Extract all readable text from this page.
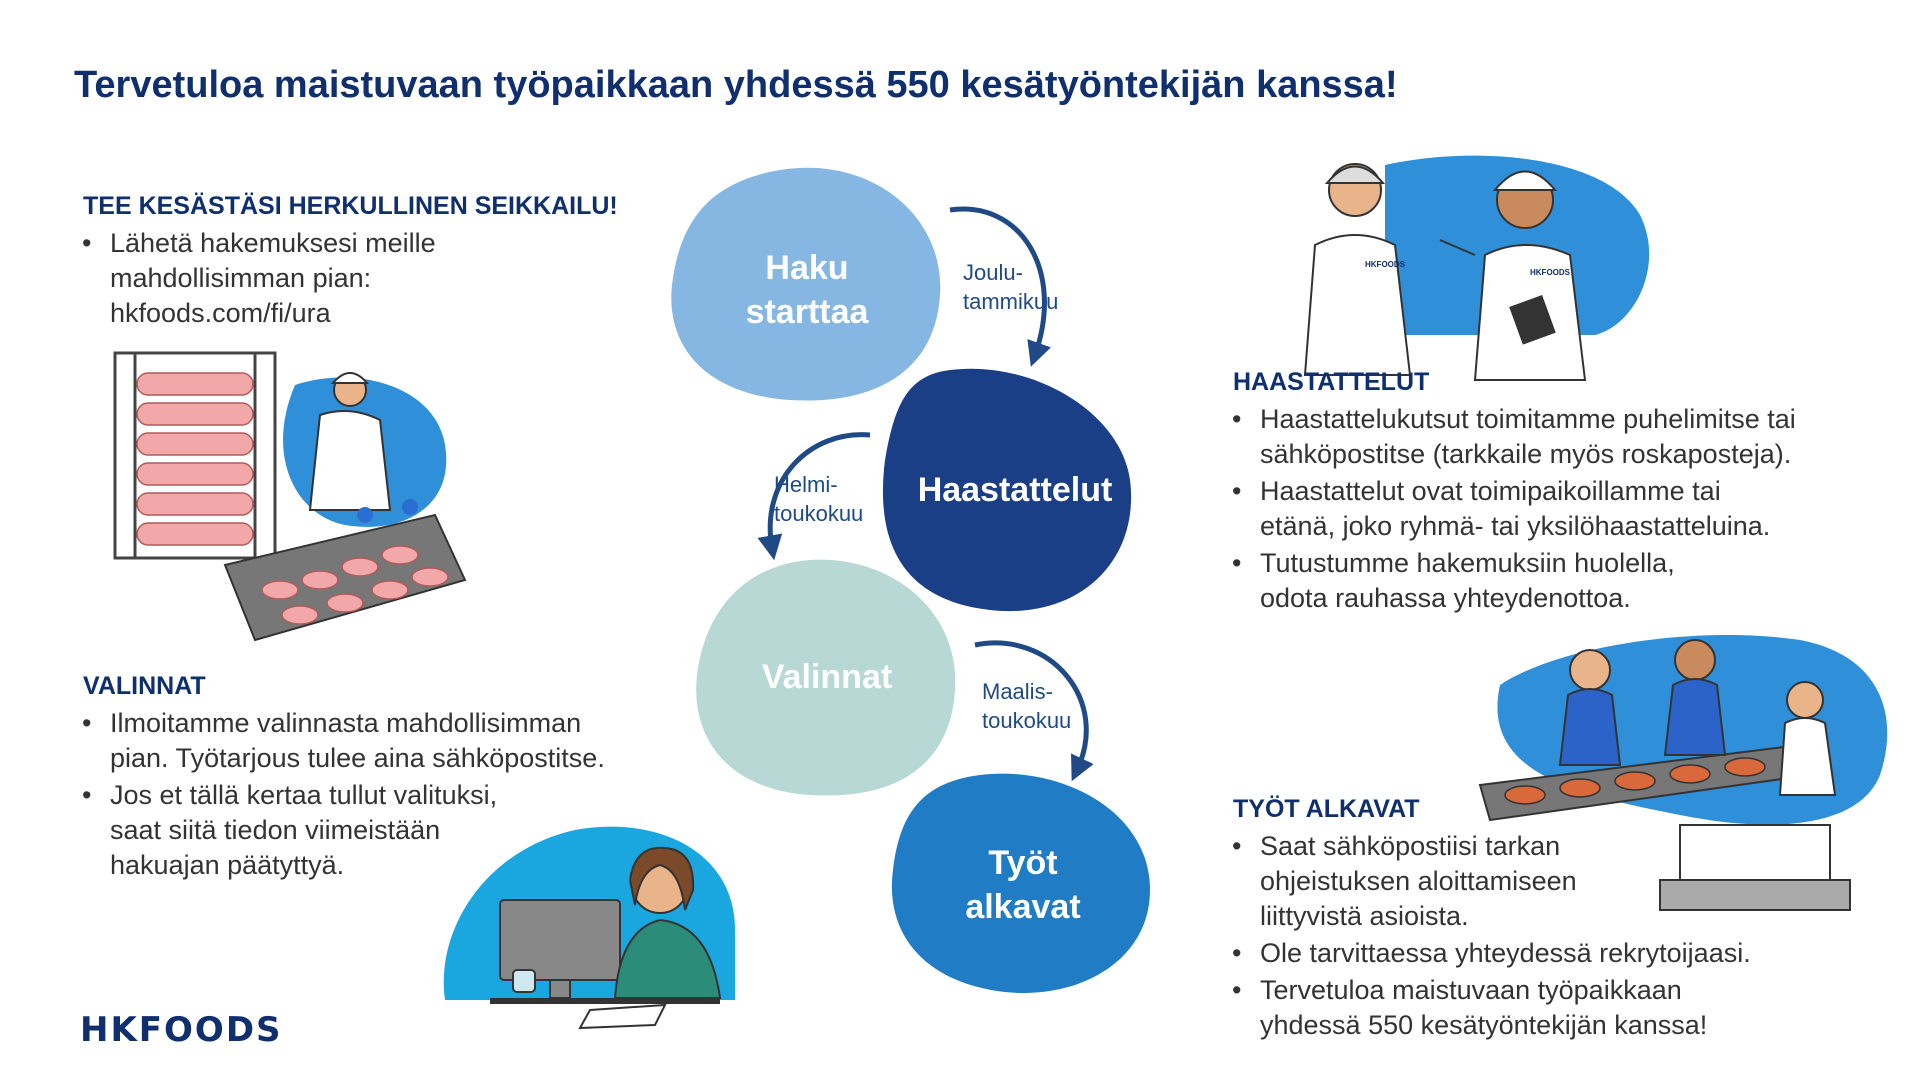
Tervetuloa maistuvaan työpaikkaan yhdessä 550 kesätyöntekijän kanssa!
TEE KESÄSTÄSI HERKULLINEN SEIKKAILU!
• Lähetä hakemuksesi meille
mahdollisimman pian:
hkfoods.com/fi/ura
VALINNAT
• Ilmoitamme valinnasta mahdollisimman
pian. Työtarjous tulee aina sähköpostitse.
• Jos et tällä kertaa tullut valituksi,
saat siitä tiedon viimeistään
hakuajan päätyttyä.
HKFOODS
Haku
starttaa
Haastattelut
Valinnat
Työt
alkavat
Joulu-
tammikuu
Helmi-
toukokuu
Maalis-
toukokuu
HKFOODS
HKFOODS
HAASTATTELUT
• Haastattelukutsut toimitamme puhelimitse tai
sähköpostitse (tarkkaile myös roskaposteja).
• Haastattelut ovat toimipaikoillamme tai
etänä, joko ryhmä- tai yksilöhaastatteluina.
• Tutustumme hakemuksiin huolella,
odota rauhassa yhteydenottoa.
TYÖT ALKAVAT
• Saat sähköpostiisi tarkan
ohjeistuksen aloittamiseen
liittyvistä asioista.
• Ole tarvittaessa yhteydessä rekrytoijaasi.
• Tervetuloa maistuvaan työpaikkaan
yhdessä 550 kesätyöntekijän kanssa!
